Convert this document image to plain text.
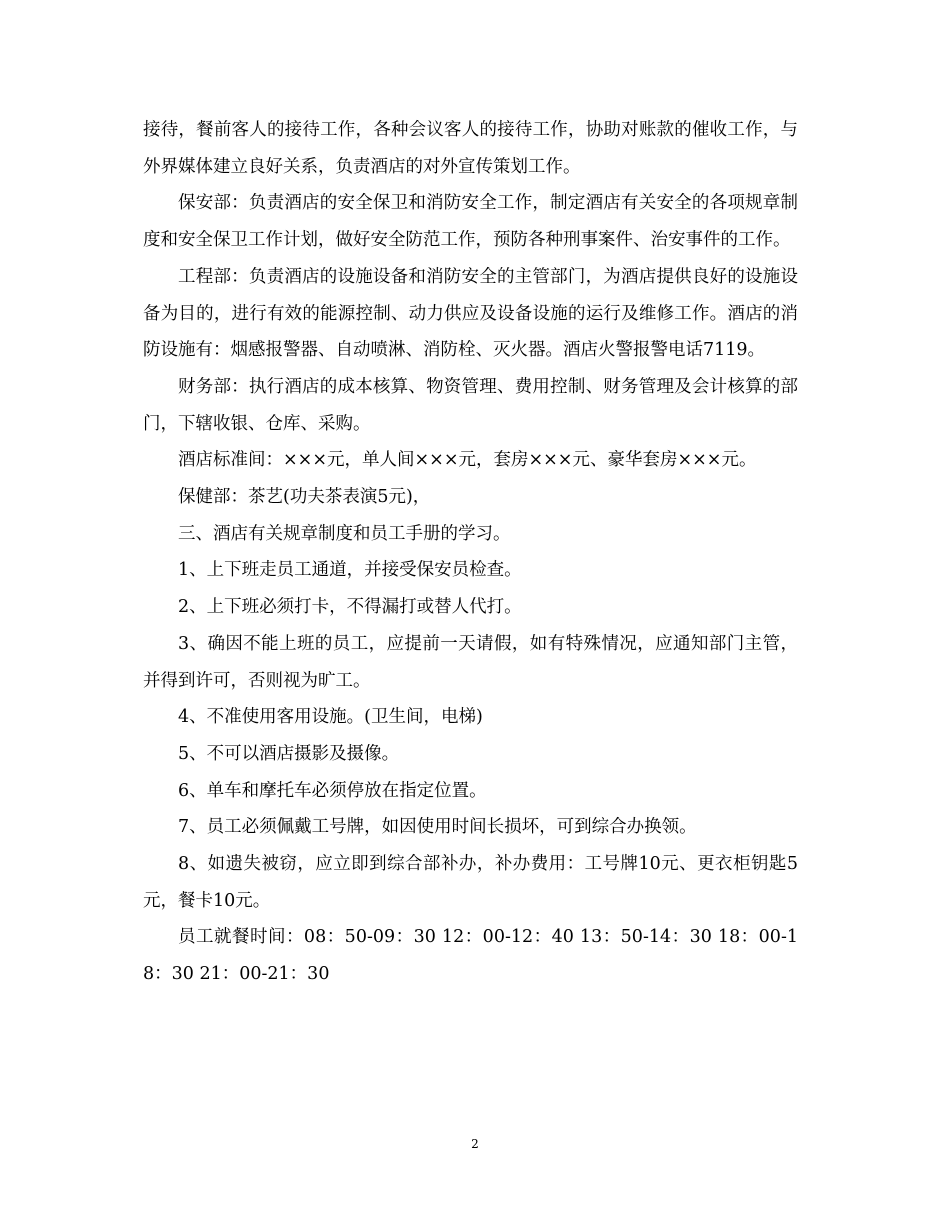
接待，餐前客人的接待工作，各种会议客人的接待工作，协助对账款的催收工作，与外界媒体建立良好关系，负责酒店的对外宣传策划工作。

保安部：负责酒店的安全保卫和消防安全工作，制定酒店有关安全的各项规章制度和安全保卫工作计划，做好安全防范工作，预防各种刑事案件、治安事件的工作。

工程部：负责酒店的设施设备和消防安全的主管部门，为酒店提供良好的设施设备为目的，进行有效的能源控制、动力供应及设备设施的运行及维修工作。酒店的消防设施有：烟感报警器、自动喷淋、消防栓、灭火器。酒店火警报警电话7119。

财务部：执行酒店的成本核算、物资管理、费用控制、财务管理及会计核算的部门，下辖收银、仓库、采购。

酒店标准间：×××元，单人间×××元，套房×××元、豪华套房×××元。

保健部：茶艺(功夫茶表演5元)，

三、酒店有关规章制度和员工手册的学习。

1、上下班走员工通道，并接受保安员检查。

2、上下班必须打卡，不得漏打或替人代打。

3、确因不能上班的员工，应提前一天请假，如有特殊情况，应通知部门主管，并得到许可，否则视为旷工。

4、不准使用客用设施。(卫生间，电梯)

5、不可以酒店摄影及摄像。

6、单车和摩托车必须停放在指定位置。

7、员工必须佩戴工号牌，如因使用时间长损坏，可到综合办换领。

8、如遗失被窃，应立即到综合部补办，补办费用：工号牌10元、更衣柜钥匙5元，餐卡10元。

员工就餐时间：08：50-09：30 12：00-12：40 13：50-14：30 18：00-18：30 21：00-21：30

2
